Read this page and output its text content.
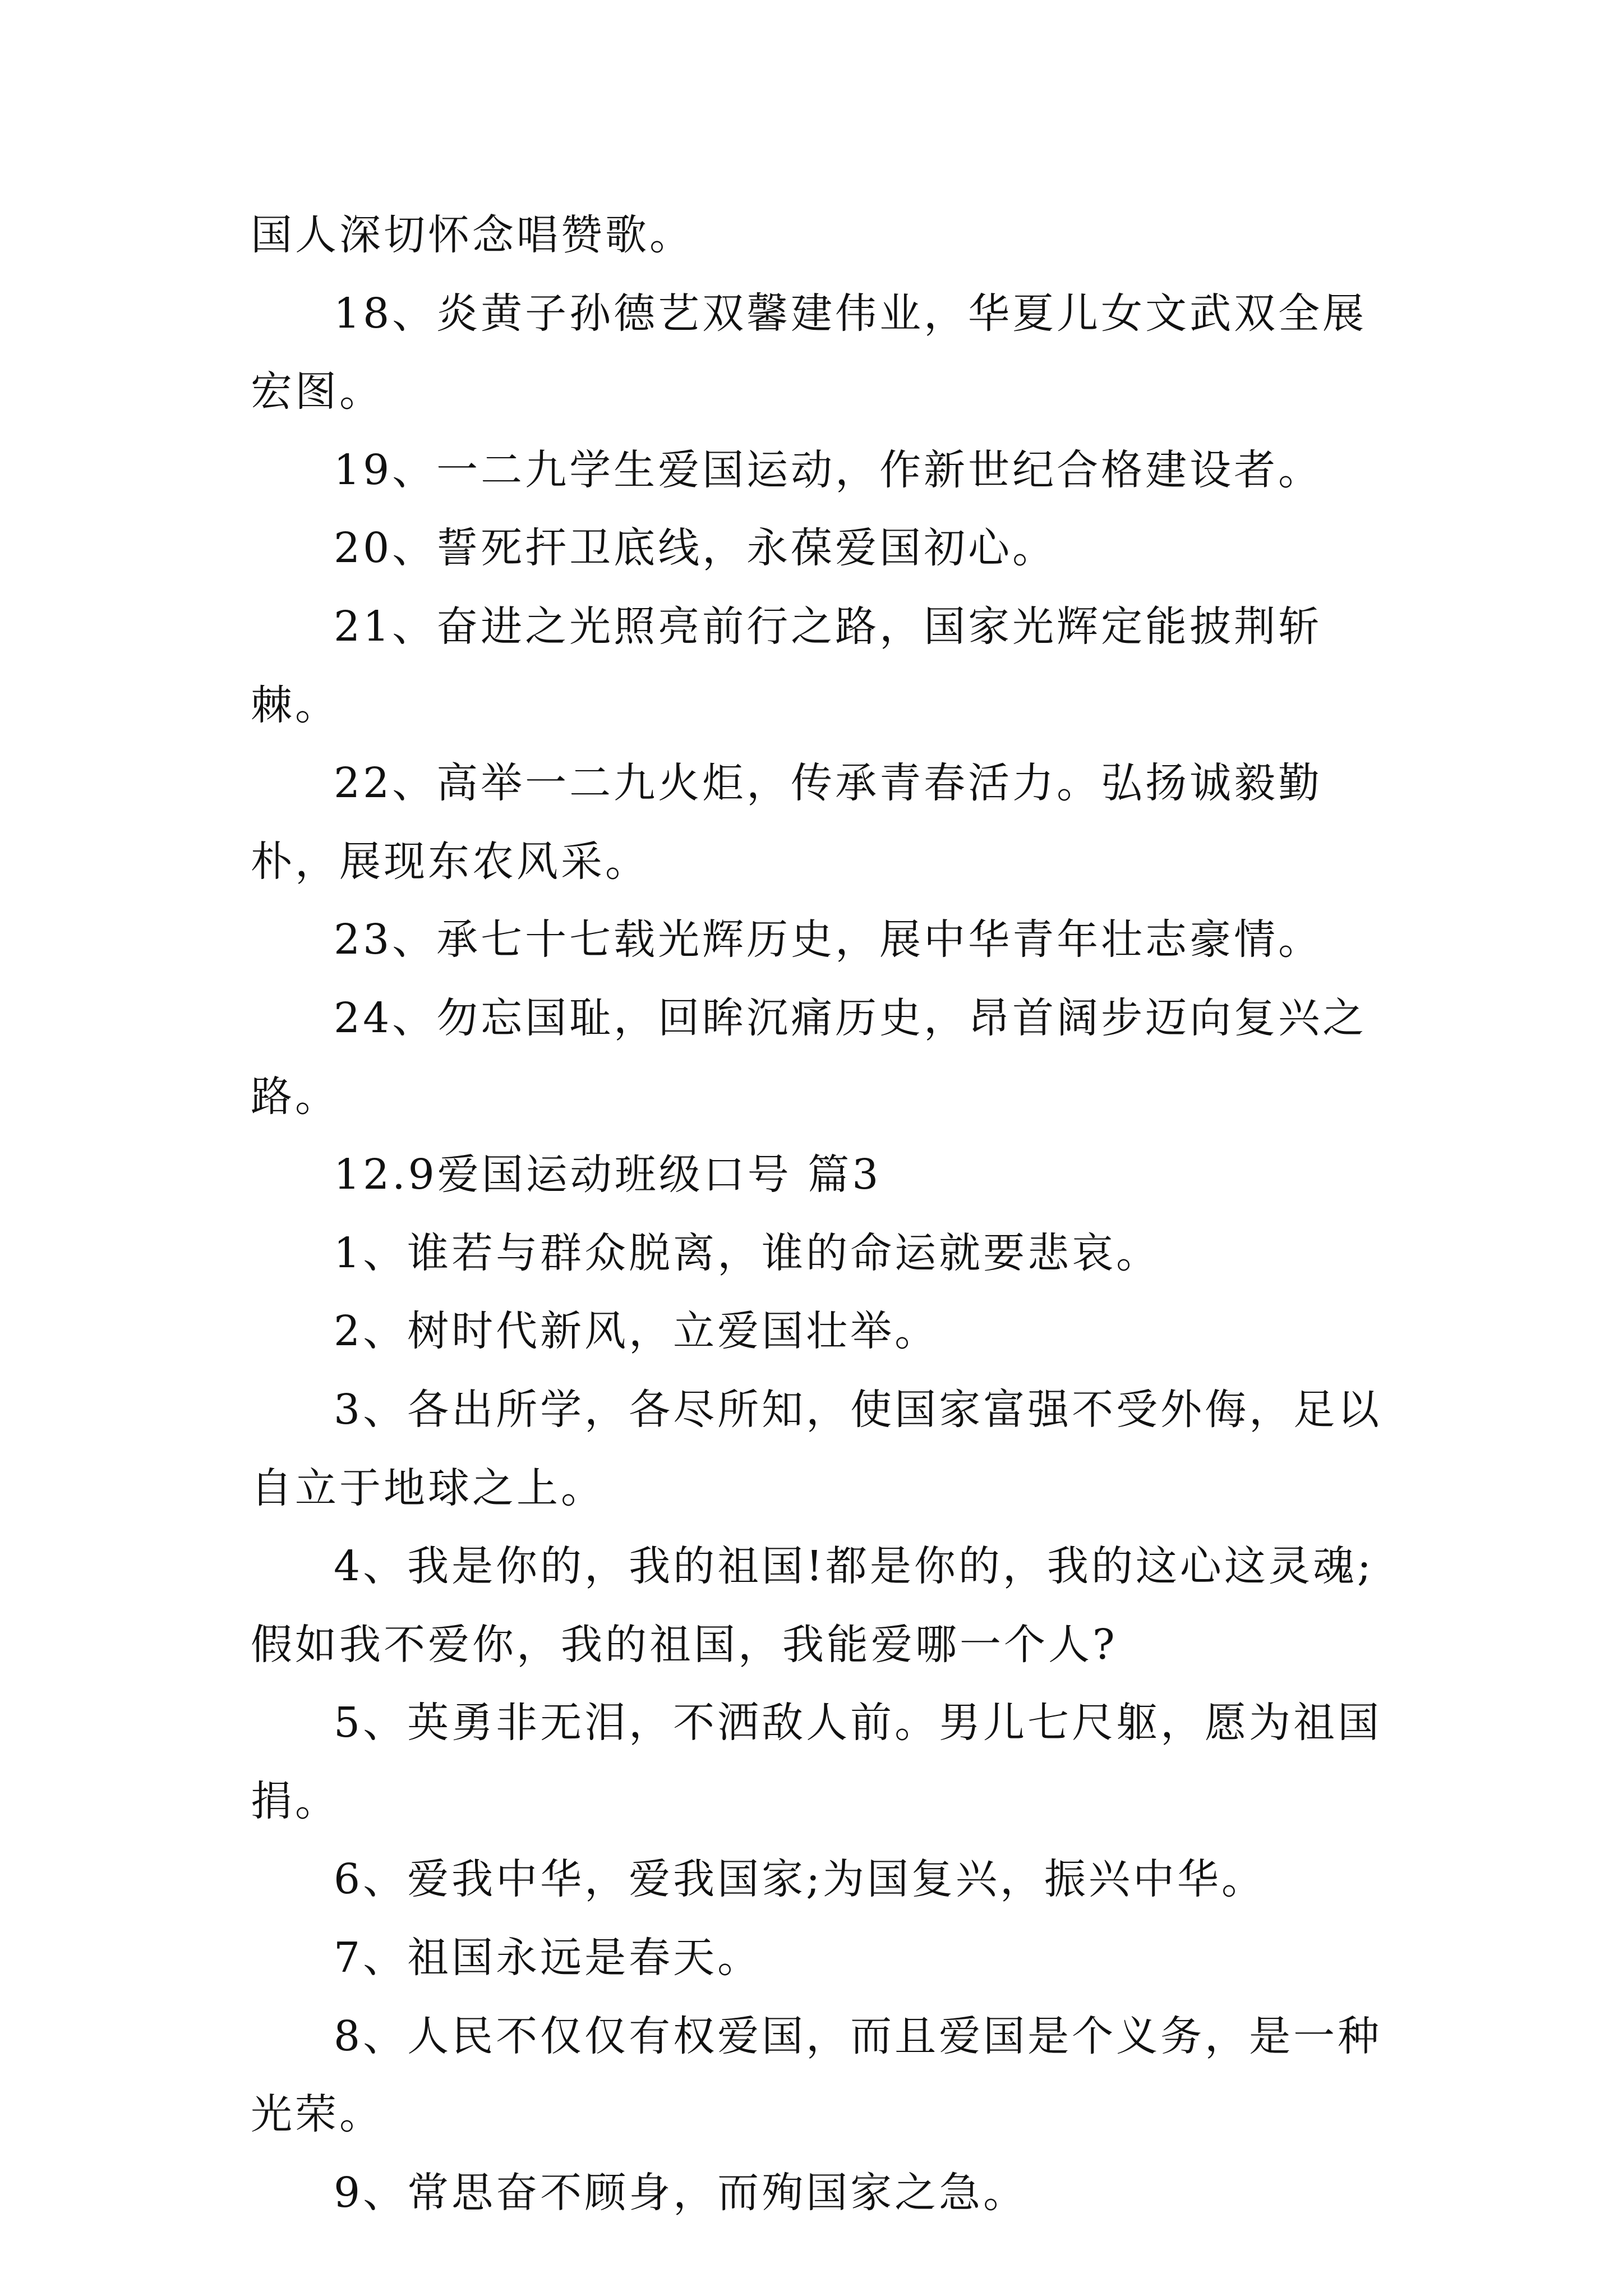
国人深切怀念唱赞歌。

18、炎黄子孙德艺双馨建伟业，华夏儿女文武双全展宏图。

19、一二九学生爱国运动，作新世纪合格建设者。

20、誓死扞卫底线，永葆爱国初心。

21、奋进之光照亮前行之路，国家光辉定能披荆斩棘。

22、高举一二九火炬，传承青春活力。弘扬诚毅勤朴，展现东农风采。

23、承七十七载光辉历史，展中华青年壮志豪情。

24、勿忘国耻，回眸沉痛历史，昂首阔步迈向复兴之路。

12.9爱国运动班级口号 篇3

1、谁若与群众脱离，谁的命运就要悲哀。

2、树时代新风，立爱国壮举。

3、各出所学，各尽所知，使国家富强不受外侮，足以自立于地球之上。

4、我是你的，我的祖国!都是你的，我的这心这灵魂;假如我不爱你，我的祖国，我能爱哪一个人?

5、英勇非无泪，不洒敌人前。男儿七尺躯，愿为祖国捐。

6、爱我中华，爱我国家;为国复兴，振兴中华。

7、祖国永远是春天。

8、人民不仅仅有权爱国，而且爱国是个义务，是一种光荣。

9、常思奋不顾身，而殉国家之急。
